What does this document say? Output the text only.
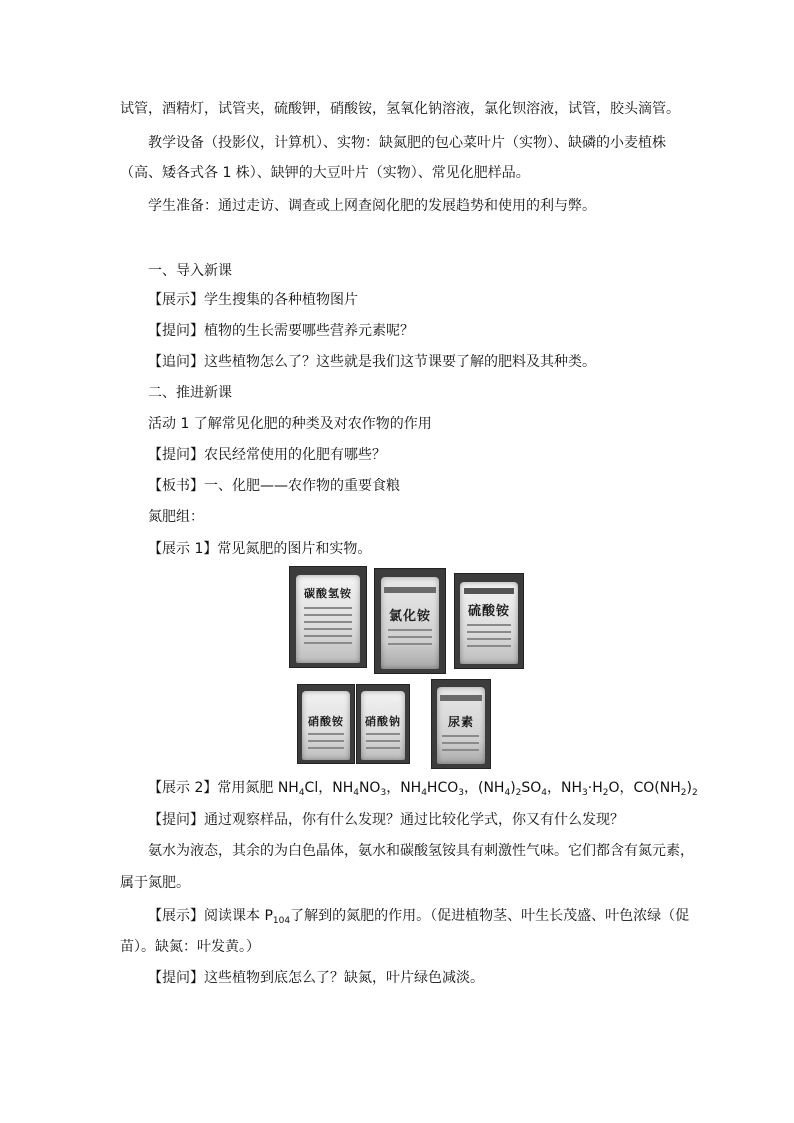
试管，酒精灯，试管夹，硫酸钾，硝酸铵，氢氧化钠溶液，氯化钡溶液，试管，胶头滴管。
教学设备（投影仪，计算机）、实物：缺氮肥的包心菜叶片（实物）、缺磷的小麦植株
（高、矮各式各 1 株）、缺钾的大豆叶片（实物）、常见化肥样品。
学生准备：通过走访、调查或上网查阅化肥的发展趋势和使用的利与弊。
一、导入新课
【展示】学生搜集的各种植物图片
【提问】植物的生长需要哪些营养元素呢？
【追问】这些植物怎么了？这些就是我们这节课要了解的肥料及其种类。
二、推进新课
活动 1 了解常见化肥的种类及对农作物的作用
【提问】农民经常使用的化肥有哪些？
【板书】一、化肥——农作物的重要食粮
氮肥组：
【展示 1】常见氮肥的图片和实物。
碳酸氢铵
氯化铵	硫酸铵
硝酸铵	硝酸钠	尿素
【展示 2】常用氮肥 $NH_4Cl$，$NH_4NO_3$，$NH_4HCO_3$，$(NH_4)_2SO_4$，$NH_3\cdot H_2O$，$CO(NH_2)_2$
【提问】通过观察样品，你有什么发现？通过比较化学式，你又有什么发现？
氨水为液态，其余的为白色晶体，氨水和碳酸氢铵具有刺激性气味。它们都含有氮元素，
属于氮肥。
【展示】阅读课本 $P_{104}$了解到的氮肥的作用。（促进植物茎、叶生长茂盛、叶色浓绿（促
苗）。缺氮：叶发黄。）
【提问】这些植物到底怎么了？缺氮，叶片绿色减淡。
